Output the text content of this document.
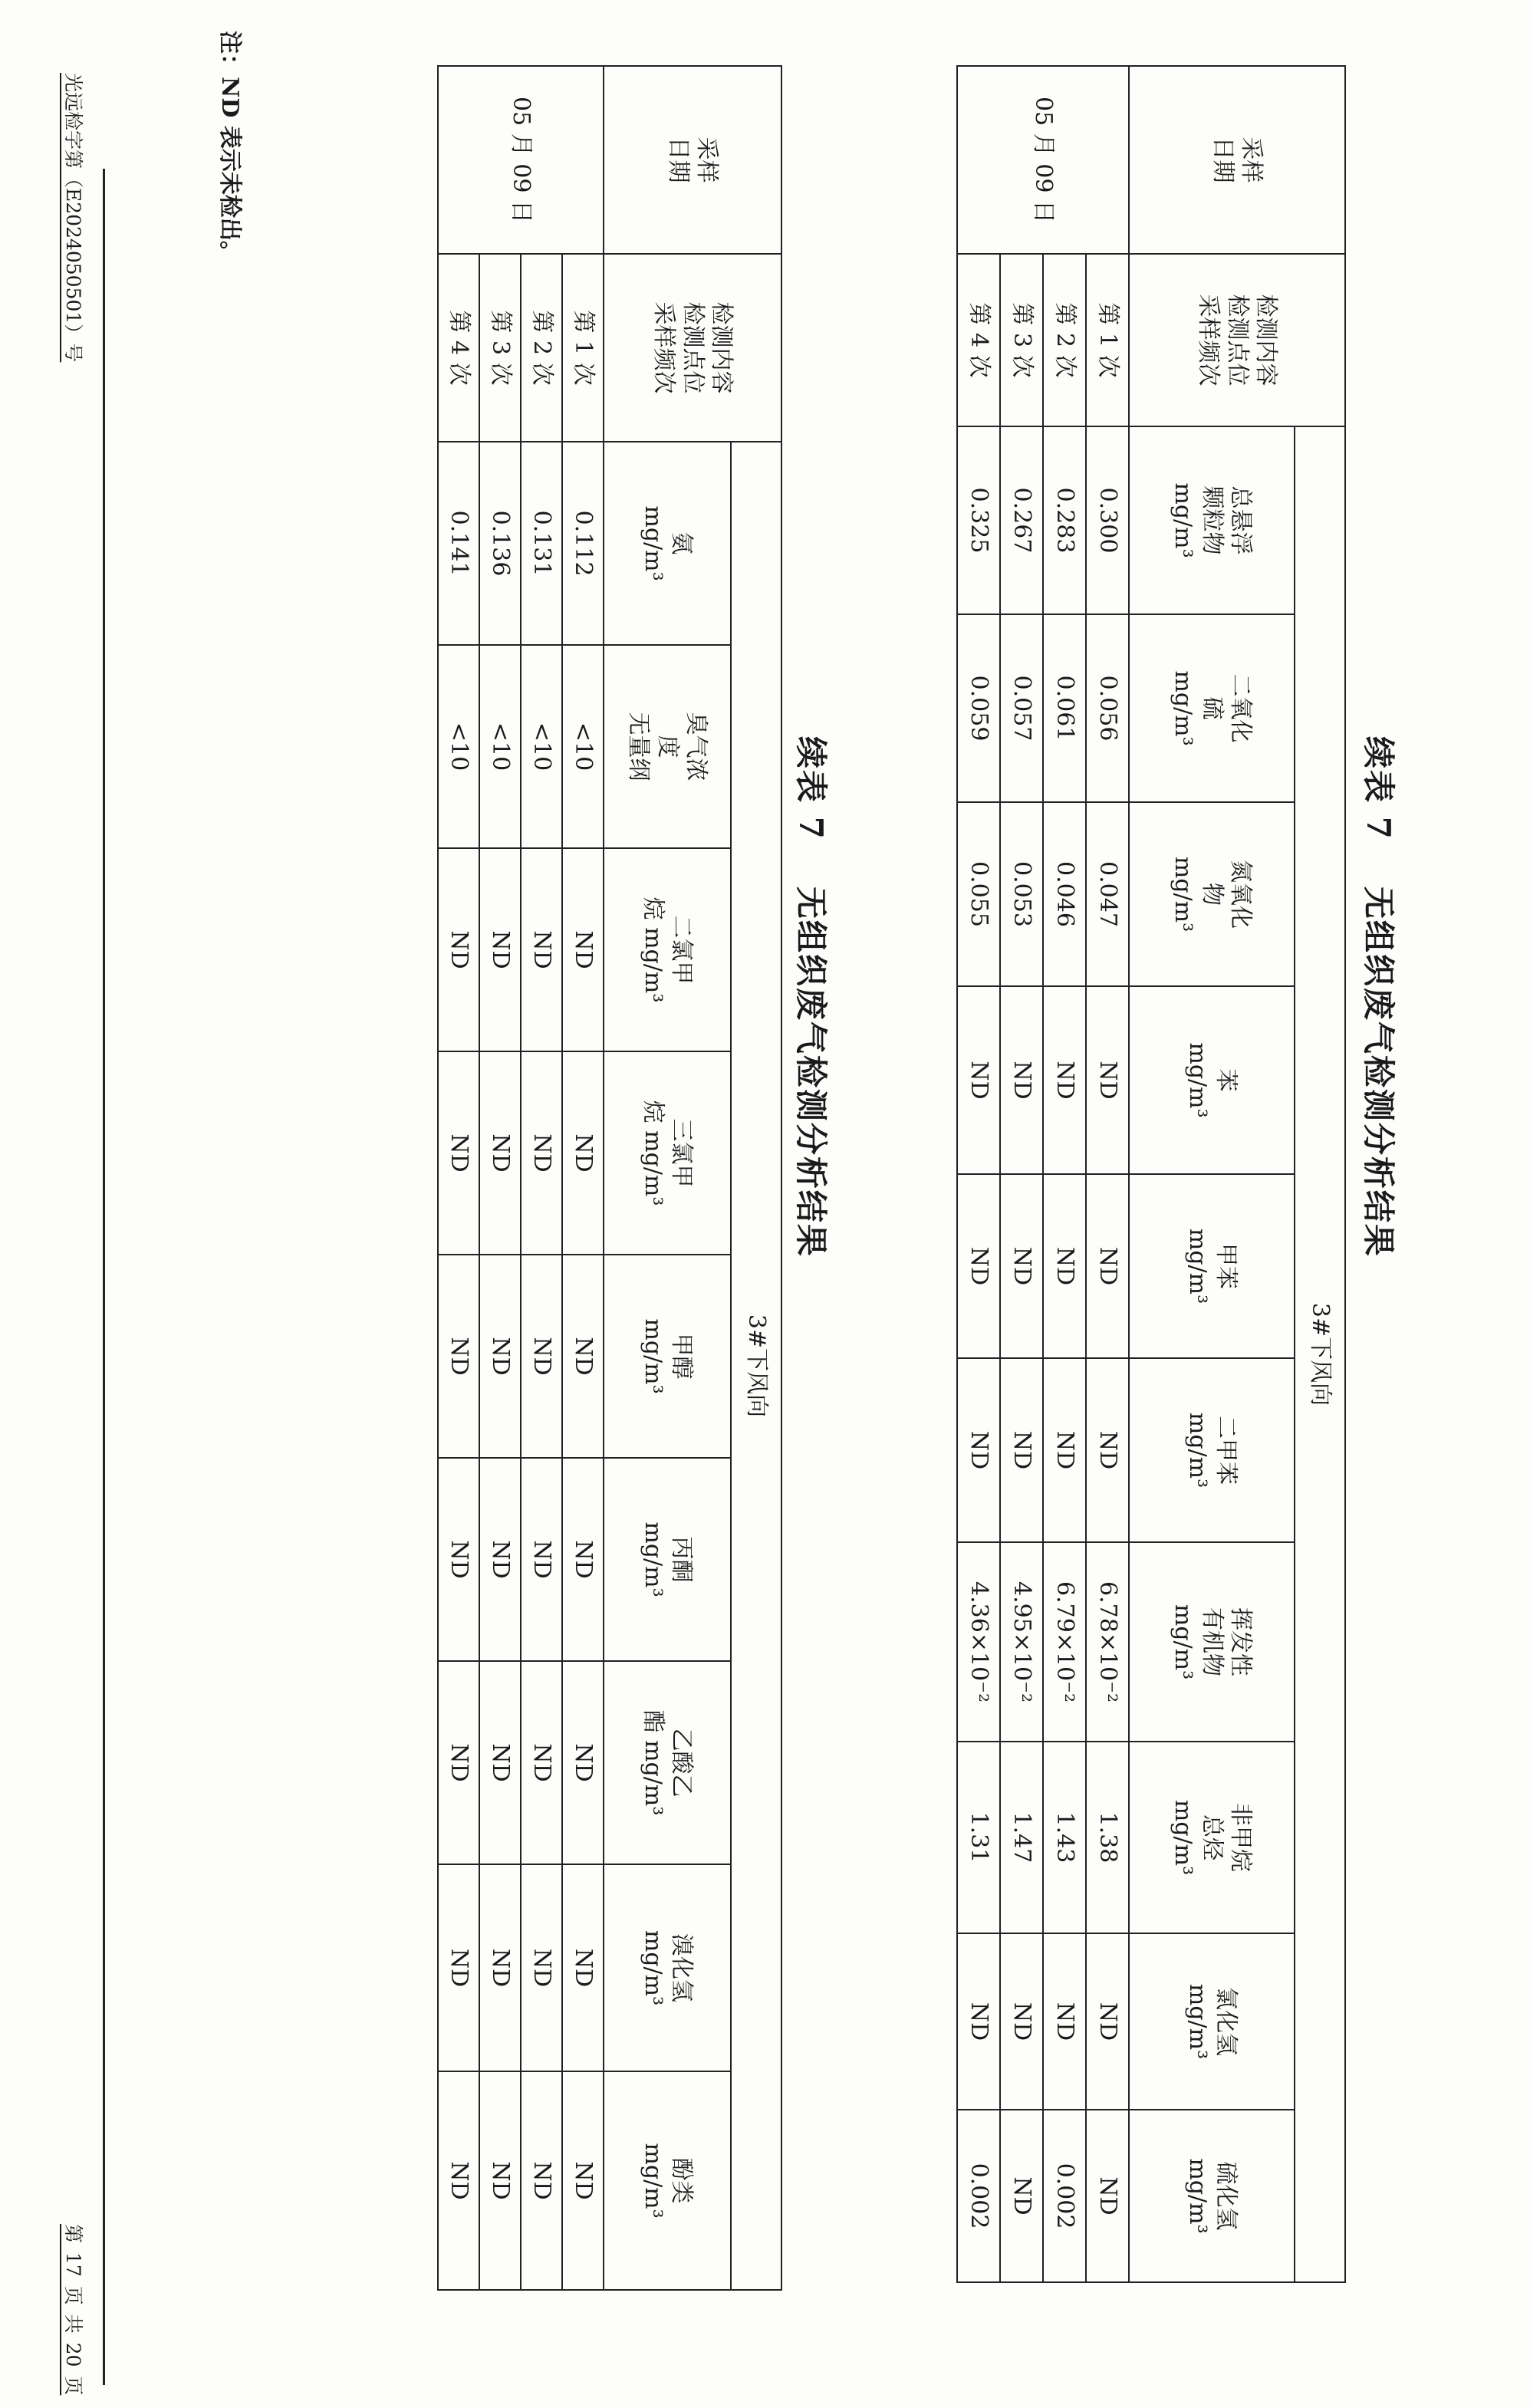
光远检字第（E2024050501）号
第 17 页 共 20 页
续表 7无组织废气检测分析结果
采样
日期	检测内容
检测点位
采样频次	3#下风向									
		总悬浮
颗粒物
mg/m³	二氧化
硫
mg/m³	氮氧化
物
mg/m³	苯
mg/m³	甲苯
mg/m³	二甲苯
mg/m³	挥发性
有机物
mg/m³	非甲烷
总烃
mg/m³	氯化氢
mg/m³	硫化氢
mg/m³
05 月 09 日	第 1 次	0.300	0.056	0.047	ND	ND	ND	6.78×10⁻²	1.38	ND	ND
	第 2 次	0.283	0.061	0.046	ND	ND	ND	6.79×10⁻²	1.43	ND	0.002
	第 3 次	0.267	0.057	0.053	ND	ND	ND	4.95×10⁻²	1.47	ND	ND
	第 4 次	0.325	0.059	0.055	ND	ND	ND	4.36×10⁻²	1.31	ND	0.002
续表 7无组织废气检测分析结果
采样
日期	检测内容
检测点位
采样频次	3#下风向								
		氨
mg/m³	臭气浓
度
无量纲	二氯甲
烷 mg/m³	三氯甲
烷 mg/m³	甲醇
mg/m³	丙酮
mg/m³	乙酸乙
酯 mg/m³	溴化氢
mg/m³	酚类
mg/m³
05 月 09 日	第 1 次	0.112	<10	ND	ND	ND	ND	ND	ND	ND
	第 2 次	0.131	<10	ND	ND	ND	ND	ND	ND	ND
	第 3 次	0.136	<10	ND	ND	ND	ND	ND	ND	ND
	第 4 次	0.141	<10	ND	ND	ND	ND	ND	ND	ND
注：ND 表示未检出。
